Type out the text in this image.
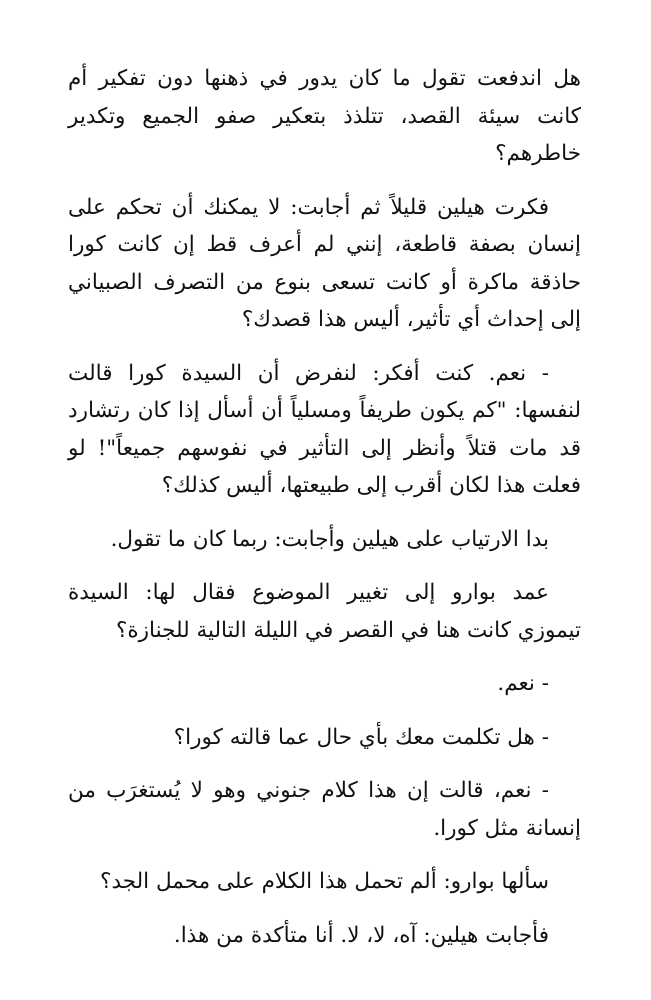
هل اندفعت تقول ما كان يدور في ذهنها دون تفكير أم كانت سيئة القصد، تتلذذ بتعكير صفو الجميع وتكدير خاطرهم؟

فكرت هيلين قليلاً ثم أجابت: لا يمكنك أن تحكم على إنسان بصفة قاطعة، إنني لم أعرف قط إن كانت كورا حاذقة ماكرة أو كانت تسعى بنوع من التصرف الصبياني إلى إحداث أي تأثير، أليس هذا قصدك؟

- نعم. كنت أفكر: لنفرض أن السيدة كورا قالت لنفسها: "كم يكون طريفاً ومسلياً أن أسأل إذا كان رتشارد قد مات قتلاً وأنظر إلى التأثير في نفوسهم جميعاً"! لو فعلت هذا لكان أقرب إلى طبيعتها، أليس كذلك؟

بدا الارتياب على هيلين وأجابت: ربما كان ما تقول.

عمد بوارو إلى تغيير الموضوع فقال لها: السيدة تيموزي كانت هنا في القصر في الليلة التالية للجنازة؟

- نعم.

- هل تكلمت معك بأي حال عما قالته كورا؟

- نعم، قالت إن هذا كلام جنوني وهو لا يُستغرَب من إنسانة مثل كورا.

سألها بوارو: ألم تحمل هذا الكلام على محمل الجد؟

فأجابت هيلين: آه، لا، لا. أنا متأكدة من هذا.
